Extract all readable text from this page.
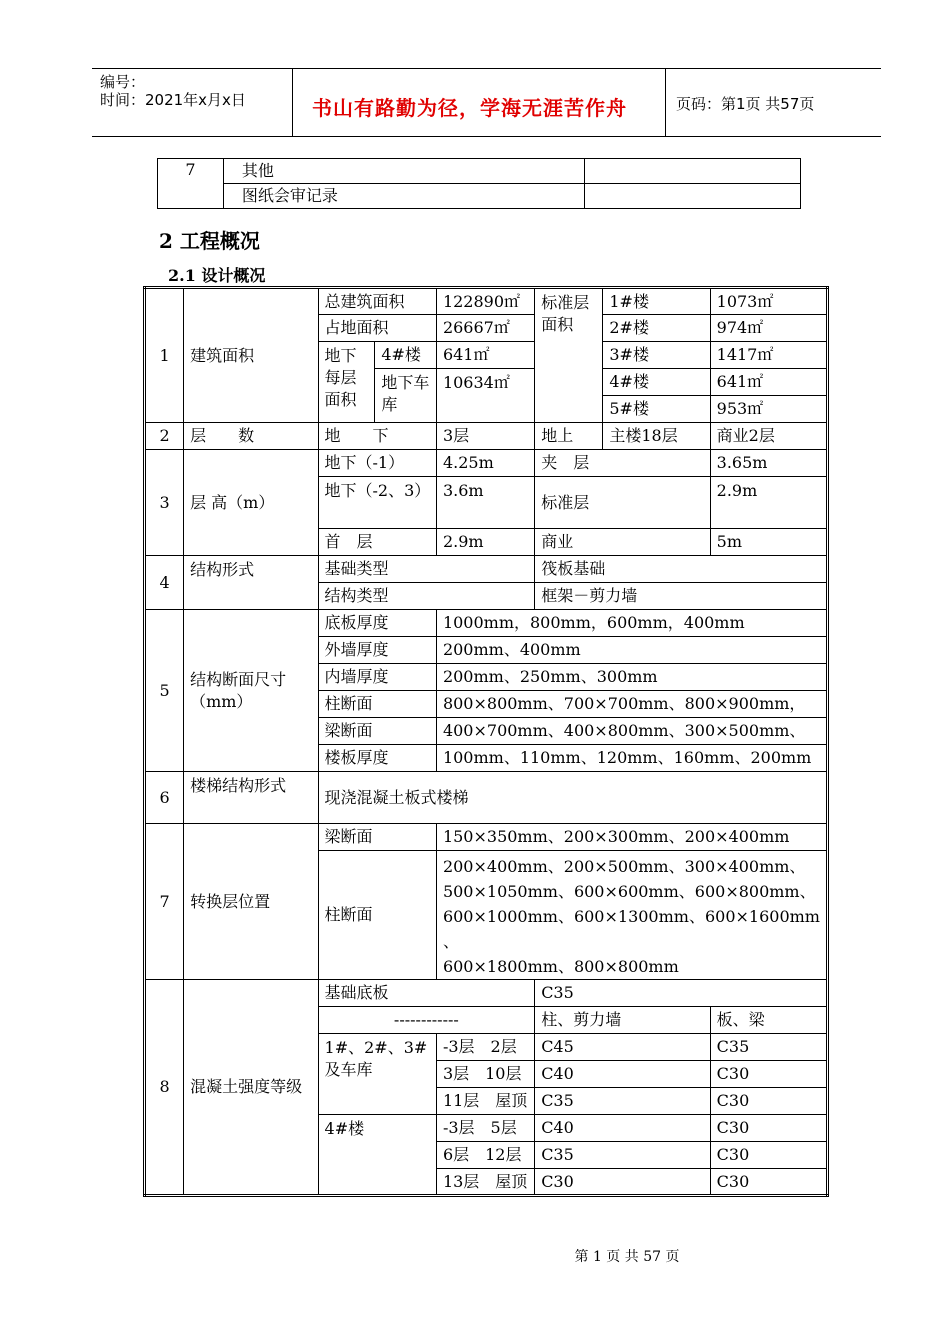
编号：
时间：2021年x月x日	书山有路勤为径，学海无涯苦作舟	页码：第1页 共57页
7	其他	
	图纸会审记录	
2 工程概况
2.1 设计概况
1	建筑面积	总建筑面积		122890㎡	标准层面积	1#楼	1073㎡
		占地面积		26667㎡		2#楼	974㎡
		地下每层面积	4#楼	641㎡		3#楼	1417㎡
			地下车库	10634㎡		4#楼	641㎡
						5#楼	953㎡
2	层　　数	地　　下		3层	地上	主楼18层	商业2层
3	层 高（m）	地下（-1）		4.25m	夹　层		3.65m
		地下（-2、3）		3.6m	标准层		2.9m
		首　层		2.9m	商业		5m
4	结构形式	基础类型			筏板基础		
		结构类型			框架－剪力墙		
5	结构断面尺寸（mm）	底板厚度		1000mm，800mm，600mm，400mm			
		外墙厚度		200mm、400mm			
		内墙厚度		200mm、250mm、300mm			
		柱断面		800×800mm、700×700mm、800×900mm，			
		梁断面		400×700mm、400×800mm、300×500mm、			
		楼板厚度		100mm、110mm、120mm、160mm、200mm			
6	楼梯结构形式	现浇混凝土板式楼梯					
7	转换层位置	梁断面		150×350mm、200×300mm、200×400mm			
		柱断面		200×400mm、200×500mm、300×400mm、
500×1050mm、600×600mm、600×800mm、
600×1000mm、600×1300mm、600×1600mm
、
600×1800mm、800×800mm			

8	混凝土强度等级	基础底板			C35		
		------------			柱、剪力墙		板、梁
		1#、2#、3#及车库		-3层　2层	C45		C35
				3层　10层	C40		C30
				11层　屋顶	C35		C30
		4#楼		-3层　5层	C40		C30
				6层　12层	C35		C30
				13层　屋顶	C30		C30
第 1 页 共 57 页
